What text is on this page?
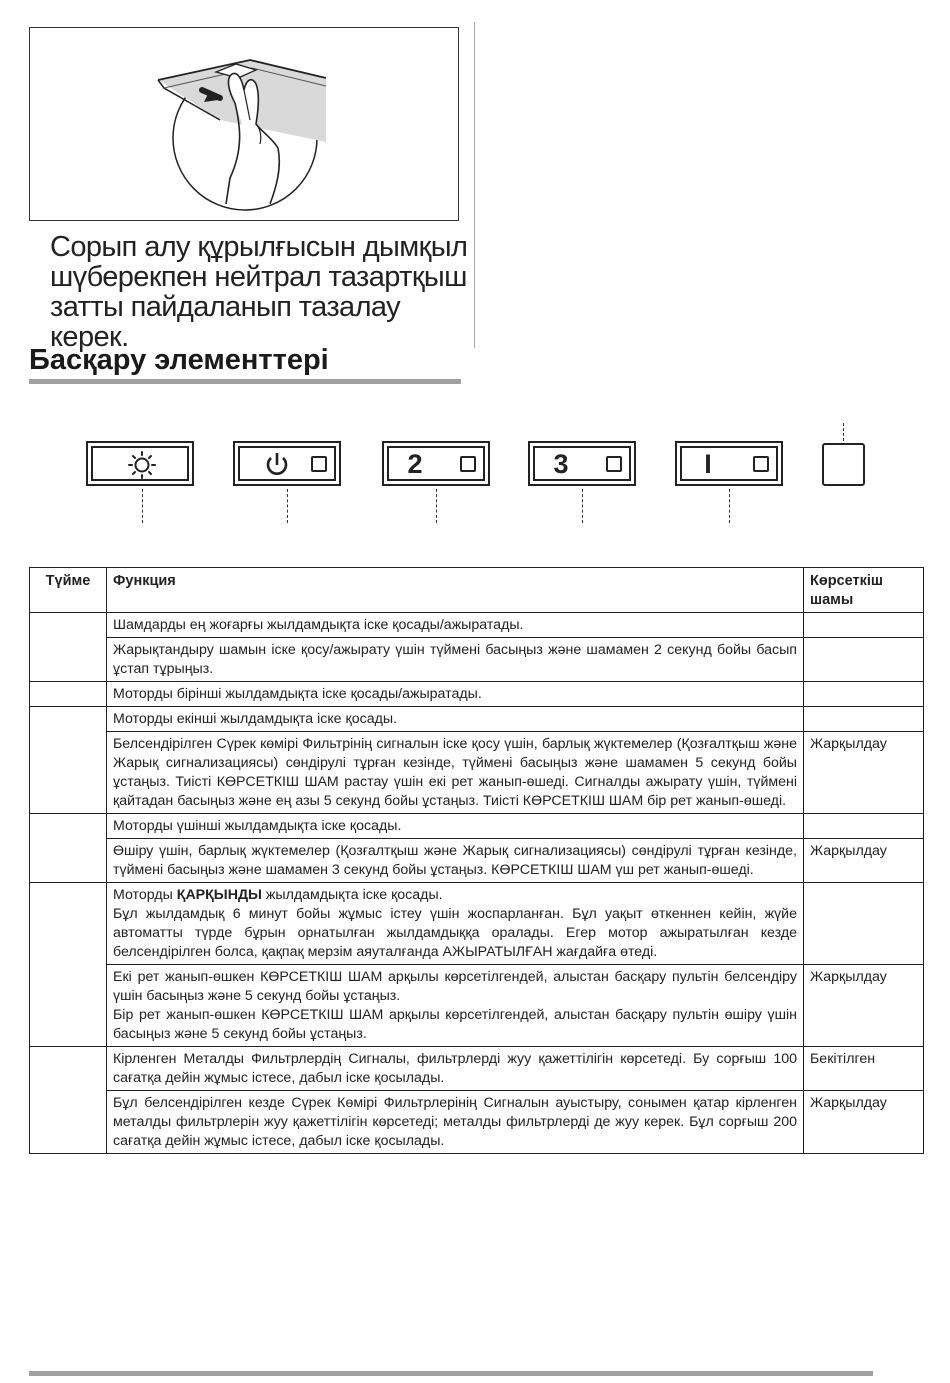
Сорып алу құрылғысын дымқыл шүберекпен нейтрал тазартқыш затты пайдаланып тазалау керек.
Басқару элементтері
2	3	I
Түйме	Функция	Көрсеткіш шамы
	Шамдарды ең жоғарғы жылдамдықта іске қосады/ажыратады.	
	Жарықтандыру шамын іске қосу/ажырату үшін түймені басыңыз және шамамен 2 секунд бойы басып ұстап тұрыңыз.	
	Моторды бірінші жылдамдықта іске қосады/ажыратады.	
	Моторды екінші жылдамдықта іске қосады.	
	Белсендірілген Сүрек көмірі Фильтрінің сигналын іске қосу үшін, барлық жүктемелер (Қозғалтқыш және Жарық сигнализациясы) сөндірулі тұрған кезінде, түймені басыңыз және шамамен 5 секунд бойы ұстаңыз. Тиісті КӨРСЕТКІШ ШАМ растау үшін екі рет жанып-өшеді. Сигналды ажырату үшін, түймені қайтадан басыңыз және ең азы 5 секунд бойы ұстаңыз. Тиісті КӨРСЕТКІШ ШАМ бір рет жанып-өшеді.	Жарқылдау
	Моторды үшінші жылдамдықта іске қосады.	
	Өшіру үшін, барлық жүктемелер (Қозғалтқыш және Жарық сигнализациясы) сөндірулі тұрған кезінде, түймені басыңыз және шамамен 3 секунд бойы ұстаңыз. КӨРСЕТКІШ ШАМ үш рет жанып-өшеді.	Жарқылдау
	Моторды ҚАРҚЫНДЫ жылдамдықта іске қосады.
Бұл жылдамдық 6 минут бойы жұмыс істеу үшін жоспарланған. Бұл уақыт өткеннен кейін, жүйе автоматты түрде бұрын орнатылған жылдамдыққа оралады. Егер мотор ажыратылған кезде белсендірілген болса, қақпақ мерзім аяуталғанда АЖЫРАТЫЛҒАН жағдайға өтеді.	
	Екі рет жанып-өшкен КӨРСЕТКІШ ШАМ арқылы көрсетілгендей, алыстан басқару пультін белсендіру үшін басыңыз және 5 секунд бойы ұстаңыз.
Бір рет жанып-өшкен КӨРСЕТКІШ ШАМ арқылы көрсетілгендей, алыстан басқару пультін өшіру үшін басыңыз және 5 секунд бойы ұстаңыз.	Жарқылдау
	Кірленген Металды Фильтрлердің Сигналы, фильтрлерді жуу қажеттілігін көрсетеді. Бу сорғыш 100 сағатқа дейін жұмыс істесе, дабыл іске қосылады.	Бекітілген
	Бұл белсендірілген кезде Сүрек Көмірі Фильтрлерінің Сигналын ауыстыру, сонымен қатар кірленген металды фильтрлерін жуу қажеттілігін көрсетеді; металды фильтрлерді де жуу керек. Бұл сорғыш 200 сағатқа дейін жұмыс істесе, дабыл іске қосылады.	Жарқылдау
